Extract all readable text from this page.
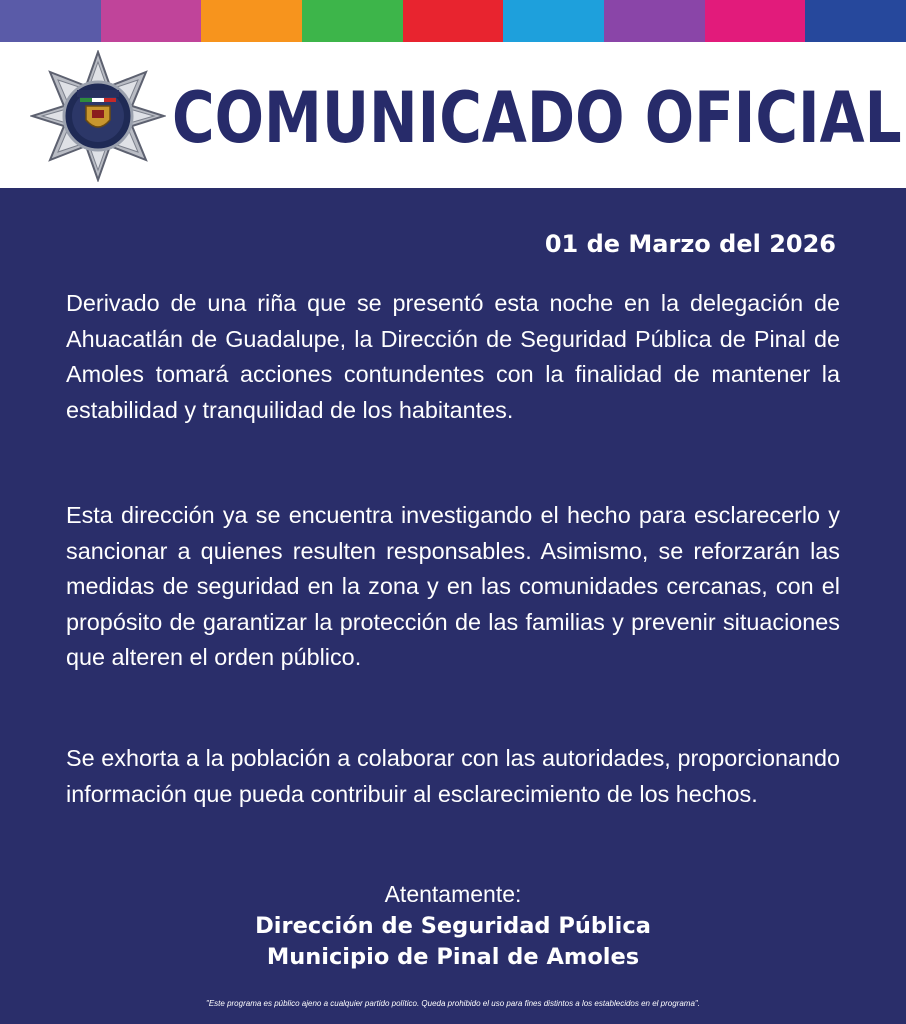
COMUNICADO OFICIAL
01 de Marzo del 2026

Derivado de una riña que se presentó esta noche en la delegación de Ahuacatlán de Guadalupe, la Dirección de Seguridad Pública de Pinal de Amoles tomará acciones contundentes con la finalidad de mantener la estabilidad y tranquilidad de los habitantes.

Esta dirección ya se encuentra investigando el hecho para esclarecerlo y sancionar a quienes resulten responsables. Asimismo, se reforzarán las medidas de seguridad en la zona y en las comunidades cercanas, con el propósito de garantizar la protección de las familias y prevenir situaciones que alteren el orden público.

Se exhorta a la población a colaborar con las autoridades, proporcionando información que pueda contribuir al esclarecimiento de los hechos.

Atentamente:
Dirección de Seguridad Pública
Municipio de Pinal de Amoles
"Este programa es público ajeno a cualquier partido político. Queda prohibido el uso para fines distintos a los establecidos en el programa".
